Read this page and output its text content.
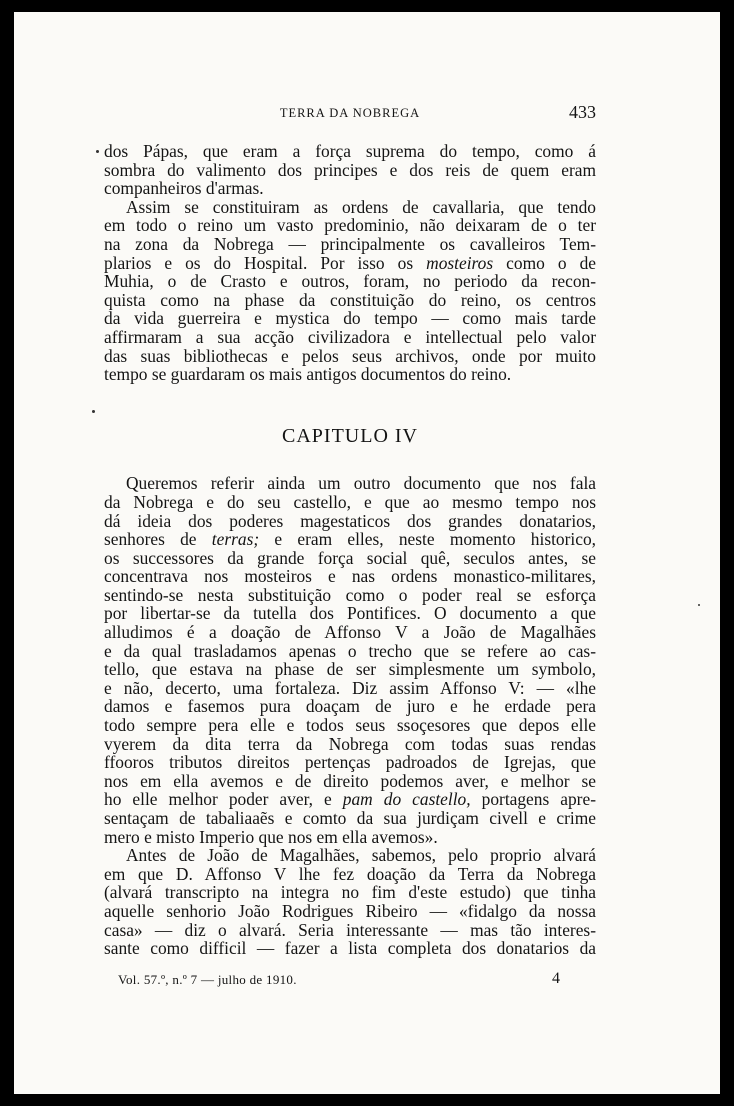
TERRA DA NOBREGA	433
dos Pápas, que eram a força suprema do tempo, como á
sombra do valimento dos principes e dos reis de quem eram
companheiros d'armas.
Assim se constituiram as ordens de cavallaria, que tendo
em todo o reino um vasto predominio, não deixaram de o ter
na zona da Nobrega — principalmente os cavalleiros Tem-
plarios e os do Hospital. Por isso os mosteiros como o de
Muhia, o de Crasto e outros, foram, no periodo da recon-
quista como na phase da constituição do reino, os centros
da vida guerreira e mystica do tempo — como mais tarde
affirmaram a sua acção civilizadora e intellectual pelo valor
das suas bibliothecas e pelos seus archivos, onde por muito
tempo se guardaram os mais antigos documentos do reino.
CAPITULO IV
Queremos referir ainda um outro documento que nos fala
da Nobrega e do seu castello, e que ao mesmo tempo nos
dá ideia dos poderes magestaticos dos grandes donatarios,
senhores de terras; e eram elles, neste momento historico,
os successores da grande força social quê, seculos antes, se
concentrava nos mosteiros e nas ordens monastico-militares,
sentindo-se nesta substituição como o poder real se esforça
por libertar-se da tutella dos Pontifices. O documento a que
alludimos é a doação de Affonso V a João de Magalhães
e da qual trasladamos apenas o trecho que se refere ao cas-
tello, que estava na phase de ser simplesmente um symbolo,
e não, decerto, uma fortaleza. Diz assim Affonso V: — «lhe
damos e fasemos pura doaçam de juro e he erdade pera
todo sempre pera elle e todos seus ssoçesores que depos elle
vyerem da dita terra da Nobrega com todas suas rendas
ffooros tributos direitos pertenças padroados de Igrejas, que
nos em ella avemos e de direito podemos aver, e melhor se
ho elle melhor poder aver, e pam do castello, portagens apre-
sentaçam de tabaliaaẽs e comto da sua jurdiçam civell e crime
mero e misto Imperio que nos em ella avemos».
Antes de João de Magalhães, sabemos, pelo proprio alvará
em que D. Affonso V lhe fez doação da Terra da Nobrega
(alvará transcripto na integra no fim d'este estudo) que tinha
aquelle senhorio João Rodrigues Ribeiro — «fidalgo da nossa
casa» — diz o alvará. Seria interessante — mas tão interes-
sante como difficil — fazer a lista completa dos donatarios da
Vol. 57.º, n.º 7 — julho de 1910.	4
